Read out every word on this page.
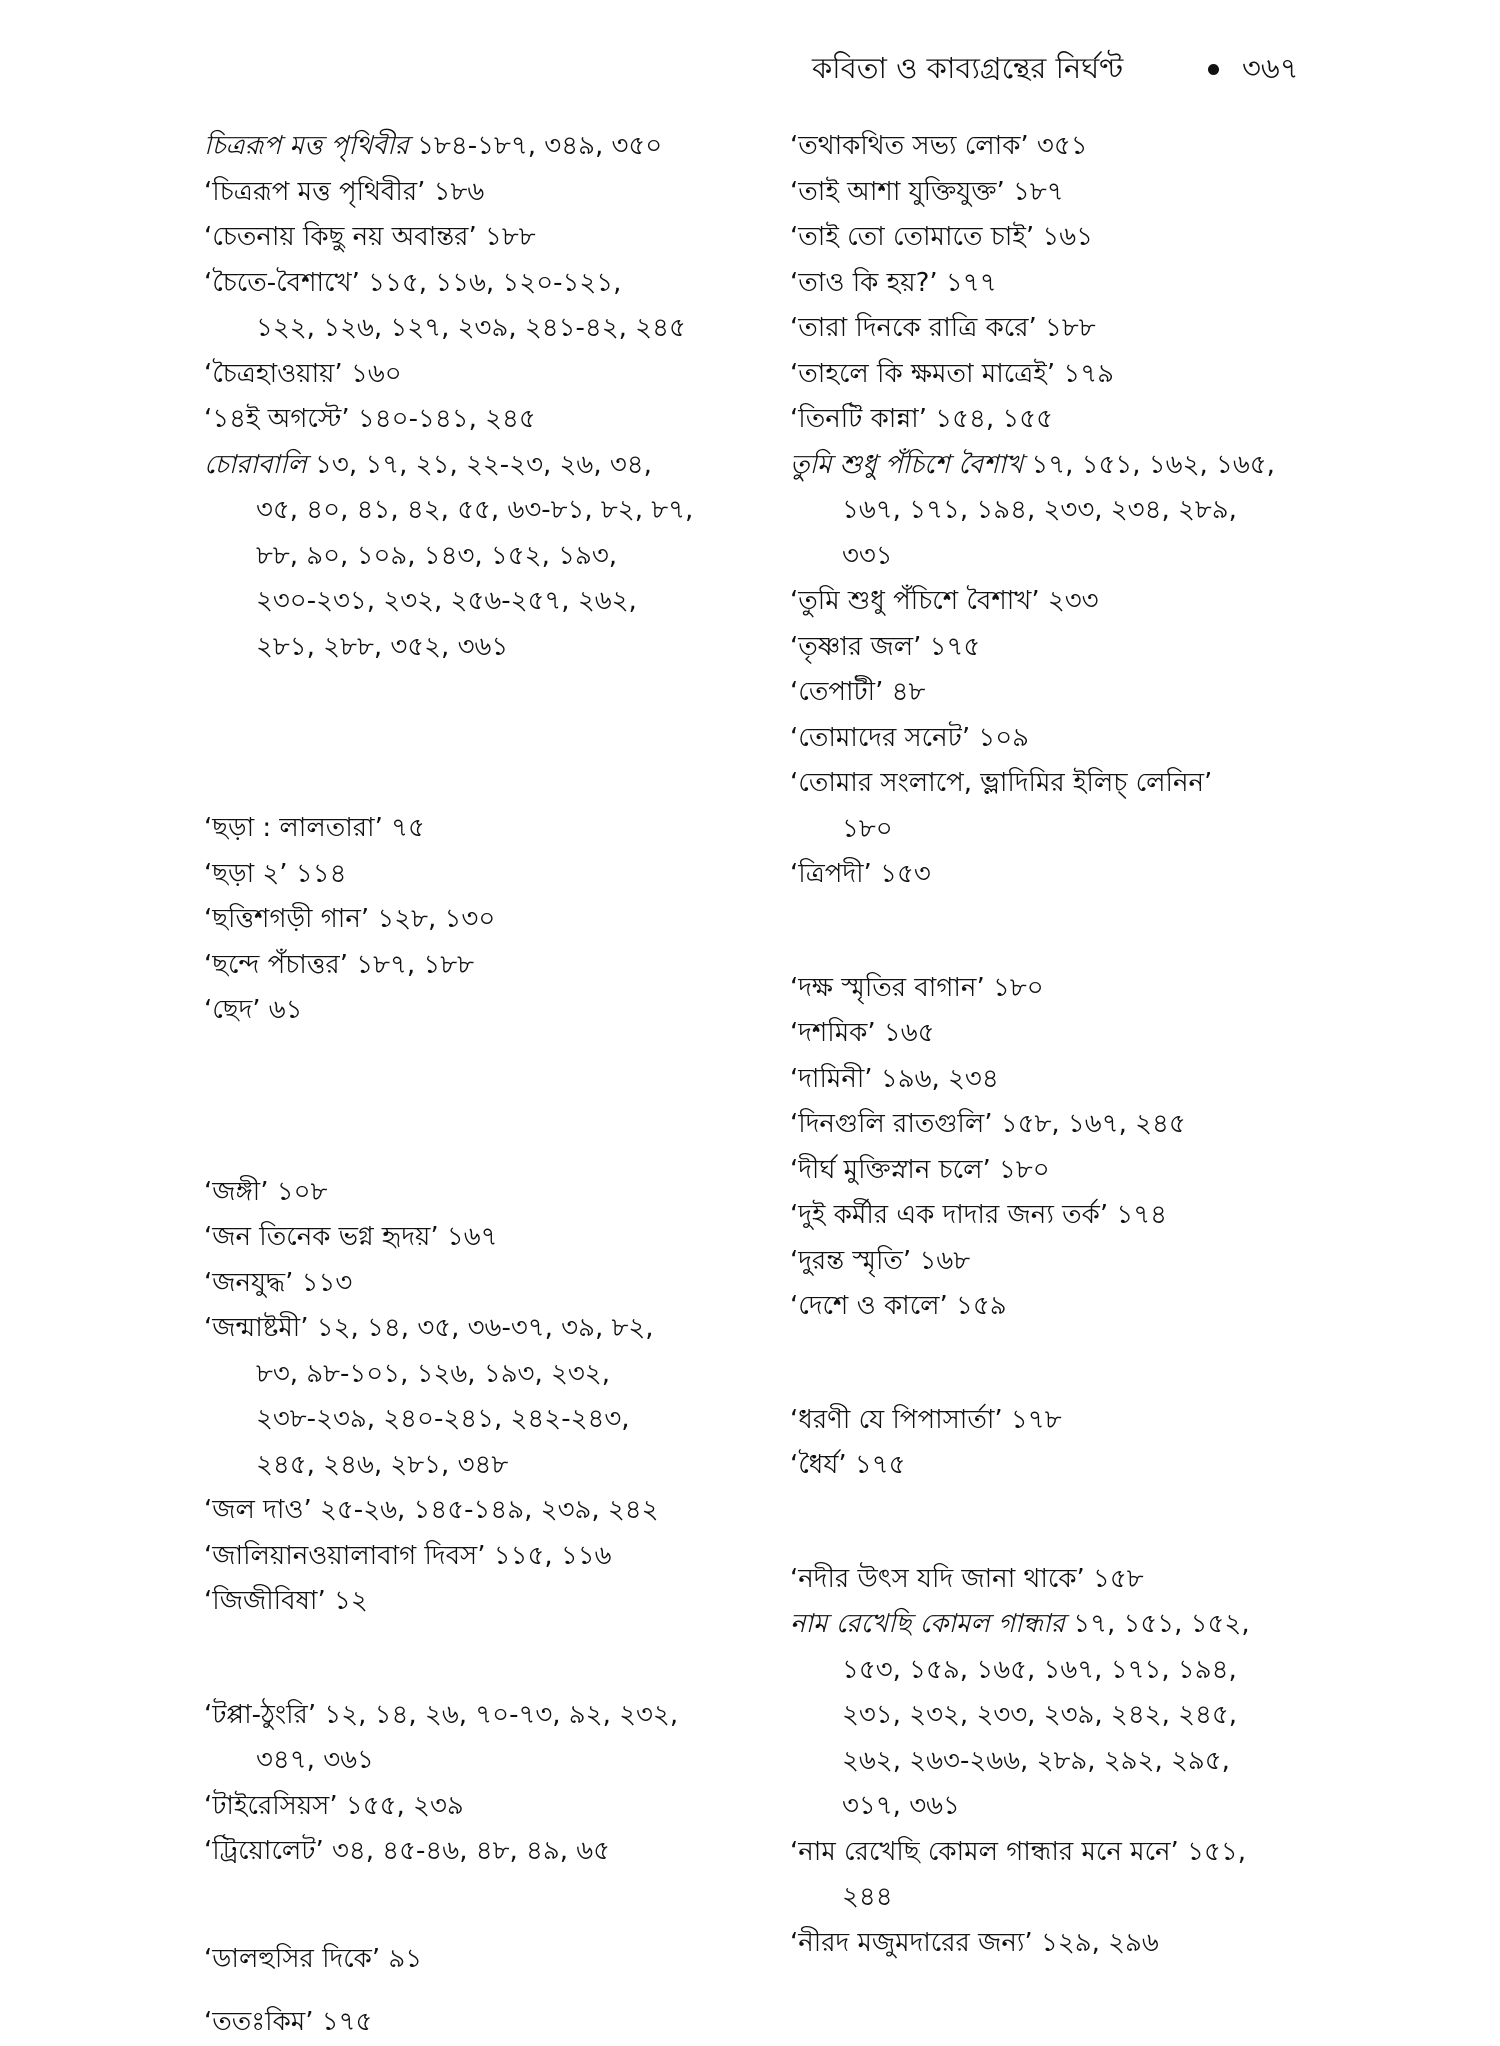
কবিতা ও কাব্যগ্রন্থের নির্ঘণ্ট	৩৬৭
চিত্ররূপ মত্ত পৃথিবীর ১৮৪-১৮৭, ৩৪৯, ৩৫০
‘চিত্ররূপ মত্ত পৃথিবীর’ ১৮৬
‘চেতনায় কিছু নয় অবান্তর’ ১৮৮
‘চৈতে-বৈশাখে’ ১১৫, ১১৬, ১২০-১২১,
১২২, ১২৬, ১২৭, ২৩৯, ২৪১-৪২, ২৪৫
‘চৈত্রহাওয়ায়’ ১৬০
‘১৪ই অগস্টে’ ১৪০-১৪১, ২৪৫
চোরাবালি ১৩, ১৭, ২১, ২২-২৩, ২৬, ৩৪,
৩৫, ৪০, ৪১, ৪২, ৫৫, ৬৩-৮১, ৮২, ৮৭,
৮৮, ৯০, ১০৯, ১৪৩, ১৫২, ১৯৩,
২৩০-২৩১, ২৩২, ২৫৬-২৫৭, ২৬২,
২৮১, ২৮৮, ৩৫২, ৩৬১
‘ছড়া : লালতারা’ ৭৫
‘ছড়া ২’ ১১৪
‘ছত্তিশগড়ী গান’ ১২৮, ১৩০
‘ছন্দে পঁচাত্তর’ ১৮৭, ১৮৮
‘ছেদ’ ৬১
‘জঙ্গী’ ১০৮
‘জন তিনেক ভগ্ন হৃদয়’ ১৬৭
‘জনযুদ্ধ’ ১১৩
‘জন্মাষ্টমী’ ১২, ১৪, ৩৫, ৩৬-৩৭, ৩৯, ৮২,
৮৩, ৯৮-১০১, ১২৬, ১৯৩, ২৩২,
২৩৮-২৩৯, ২৪০-২৪১, ২৪২-২৪৩,
২৪৫, ২৪৬, ২৮১, ৩৪৮
‘জল দাও’ ২৫-২৬, ১৪৫-১৪৯, ২৩৯, ২৪২
‘জালিয়ানওয়ালাবাগ দিবস’ ১১৫, ১১৬
‘জিজীবিষা’ ১২
‘টপ্পা-ঠুংরি’ ১২, ১৪, ২৬, ৭০-৭৩, ৯২, ২৩২,
৩৪৭, ৩৬১
‘টাইরেসিয়স’ ১৫৫, ২৩৯
‘ট্রিয়োলেট’ ৩৪, ৪৫-৪৬, ৪৮, ৪৯, ৬৫
‘ডালহুসির দিকে’ ৯১
‘ততঃকিম’ ১৭৫
‘তথাকথিত সভ্য লোক’ ৩৫১
‘তাই আশা যুক্তিযুক্ত’ ১৮৭
‘তাই তো তোমাতে চাই’ ১৬১
‘তাও কি হয়?’ ১৭৭
‘তারা দিনকে রাত্রি করে’ ১৮৮
‘তাহলে কি ক্ষমতা মাত্রেই’ ১৭৯
‘তিনটি কান্না’ ১৫৪, ১৫৫
তুমি শুধু পঁচিশে বৈশাখ ১৭, ১৫১, ১৬২, ১৬৫,
১৬৭, ১৭১, ১৯৪, ২৩৩, ২৩৪, ২৮৯,
৩৩১
‘তুমি শুধু পঁচিশে বৈশাখ’ ২৩৩
‘তৃষ্ণার জল’ ১৭৫
‘তেপাটী’ ৪৮
‘তোমাদের সনেট’ ১০৯
‘তোমার সংলাপে, ভ্লাদিমির ইলিচ্‌ লেনিন’
১৮০
‘ত্রিপদী’ ১৫৩
‘দক্ষ স্মৃতির বাগান’ ১৮০
‘দশমিক’ ১৬৫
‘দামিনী’ ১৯৬, ২৩৪
‘দিনগুলি রাতগুলি’ ১৫৮, ১৬৭, ২৪৫
‘দীর্ঘ মুক্তিস্নান চলে’ ১৮০
‘দুই কর্মীর এক দাদার জন্য তর্ক’ ১৭৪
‘দুরন্ত স্মৃতি’ ১৬৮
‘দেশে ও কালে’ ১৫৯
‘ধরণী যে পিপাসার্তা’ ১৭৮
‘ধৈর্য’ ১৭৫
‘নদীর উৎস যদি জানা থাকে’ ১৫৮
নাম রেখেছি কোমল গান্ধার ১৭, ১৫১, ১৫২,
১৫৩, ১৫৯, ১৬৫, ১৬৭, ১৭১, ১৯৪,
২৩১, ২৩২, ২৩৩, ২৩৯, ২৪২, ২৪৫,
২৬২, ২৬৩-২৬৬, ২৮৯, ২৯২, ২৯৫,
৩১৭, ৩৬১
‘নাম রেখেছি কোমল গান্ধার মনে মনে’ ১৫১,
২৪৪
‘নীরদ মজুমদারের জন্য’ ১২৯, ২৯৬
